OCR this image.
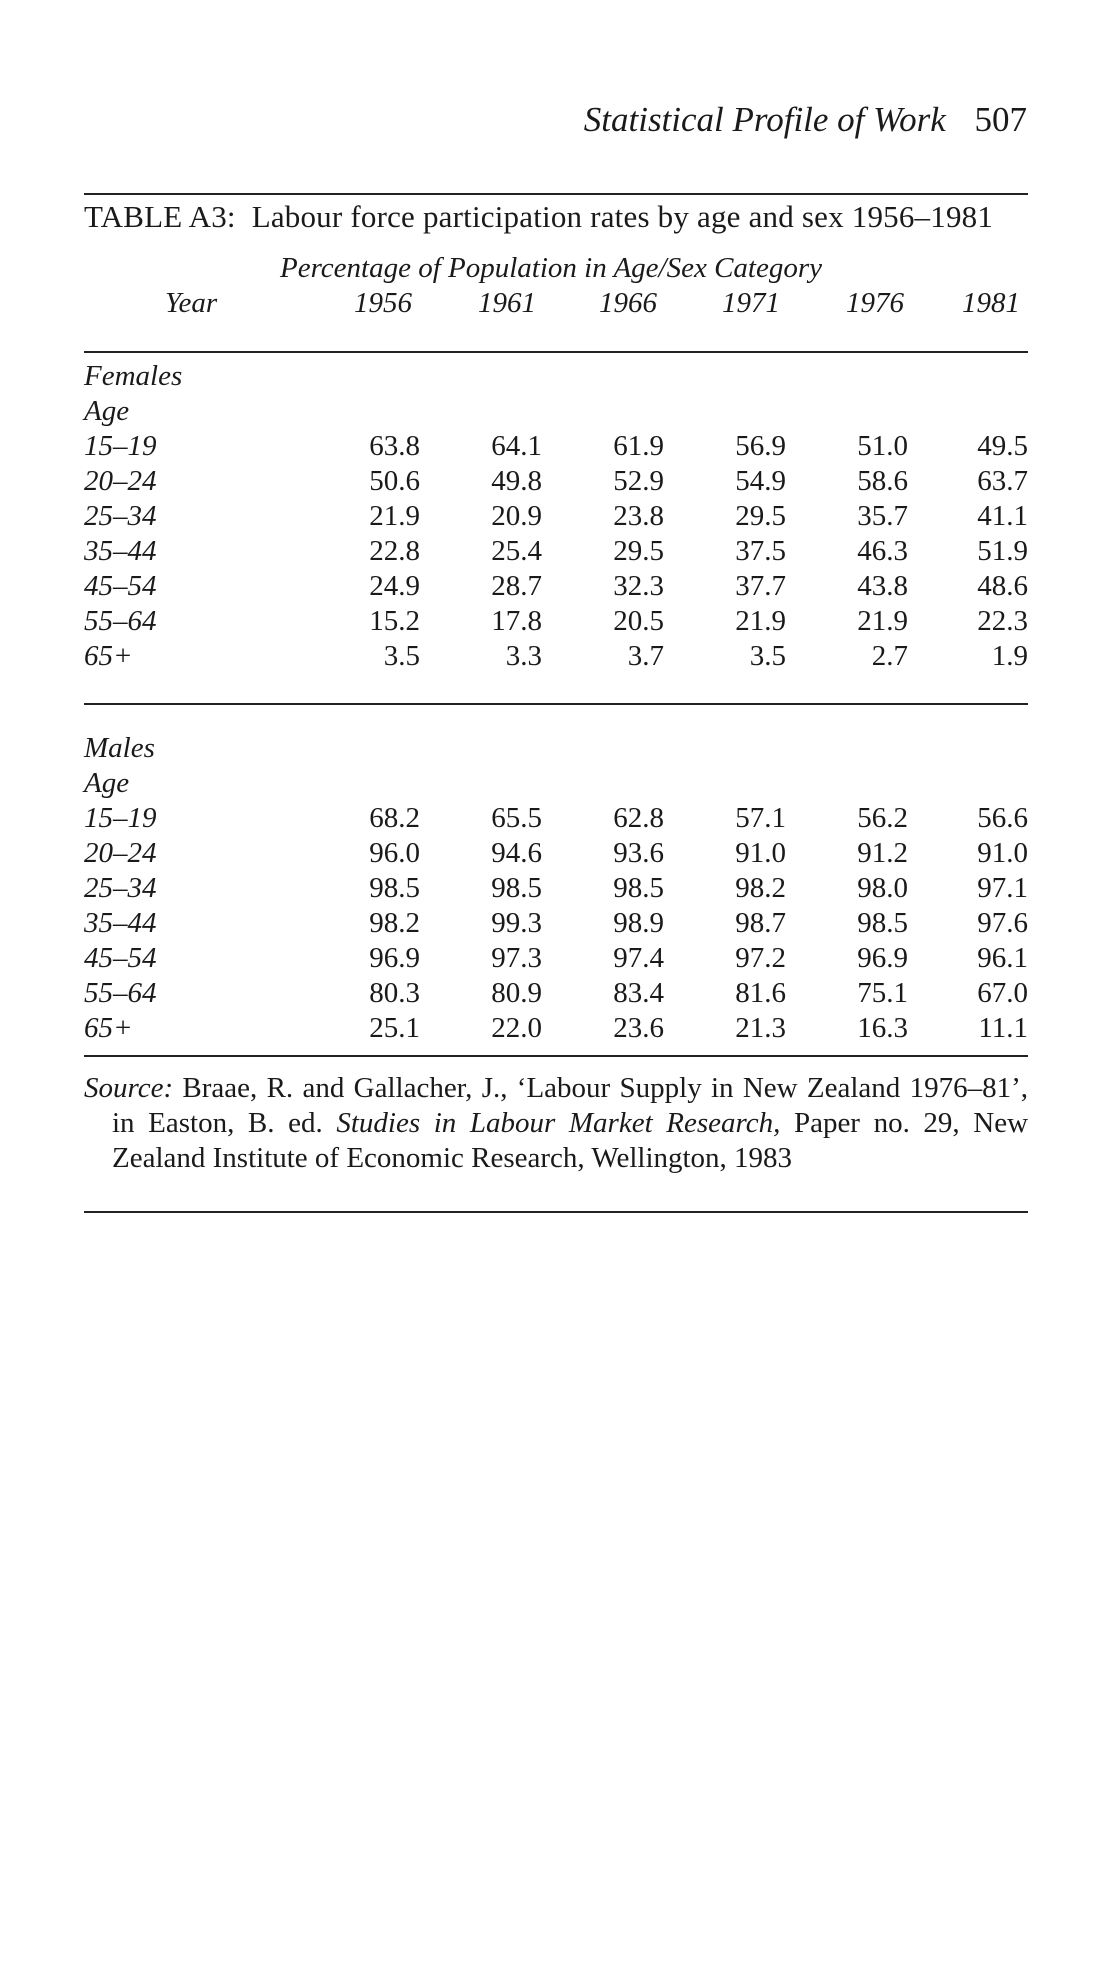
Statistical Profile of Work 507
TABLE A3: Labour force participation rates by age and sex 1956–1981
Percentage of Population in Age/Sex Category
Year	1956 1961 1966 1971 1976 1981
Females
Age
15–19	63.8	64.1	61.9	56.9	51.0	49.5
20–24	50.6	49.8	52.9	54.9	58.6	63.7
25–34	21.9	20.9	23.8	29.5	35.7	41.1
35–44	22.8	25.4	29.5	37.5	46.3	51.9
45–54	24.9	28.7	32.3	37.7	43.8	48.6
55–64	15.2	17.8	20.5	21.9	21.9	22.3
65+	3.5	3.3	3.7	3.5	2.7	1.9
Males
Age
15–19	68.2	65.5	62.8	57.1	56.2	56.6
20–24	96.0	94.6	93.6	91.0	91.2	91.0
25–34	98.5	98.5	98.5	98.2	98.0	97.1
35–44	98.2	99.3	98.9	98.7	98.5	97.6
45–54	96.9	97.3	97.4	97.2	96.9	96.1
55–64	80.3	80.9	83.4	81.6	75.1	67.0
65+	25.1	22.0	23.6	21.3	16.3	11.1

Source: Braae, R. and Gallacher, J., ‘Labour Supply in New Zealand 1976–81’, in Easton, B. ed. Studies in Labour Market Research, Paper no. 29, New Zealand Institute of Economic Research, Wellington, 1983
